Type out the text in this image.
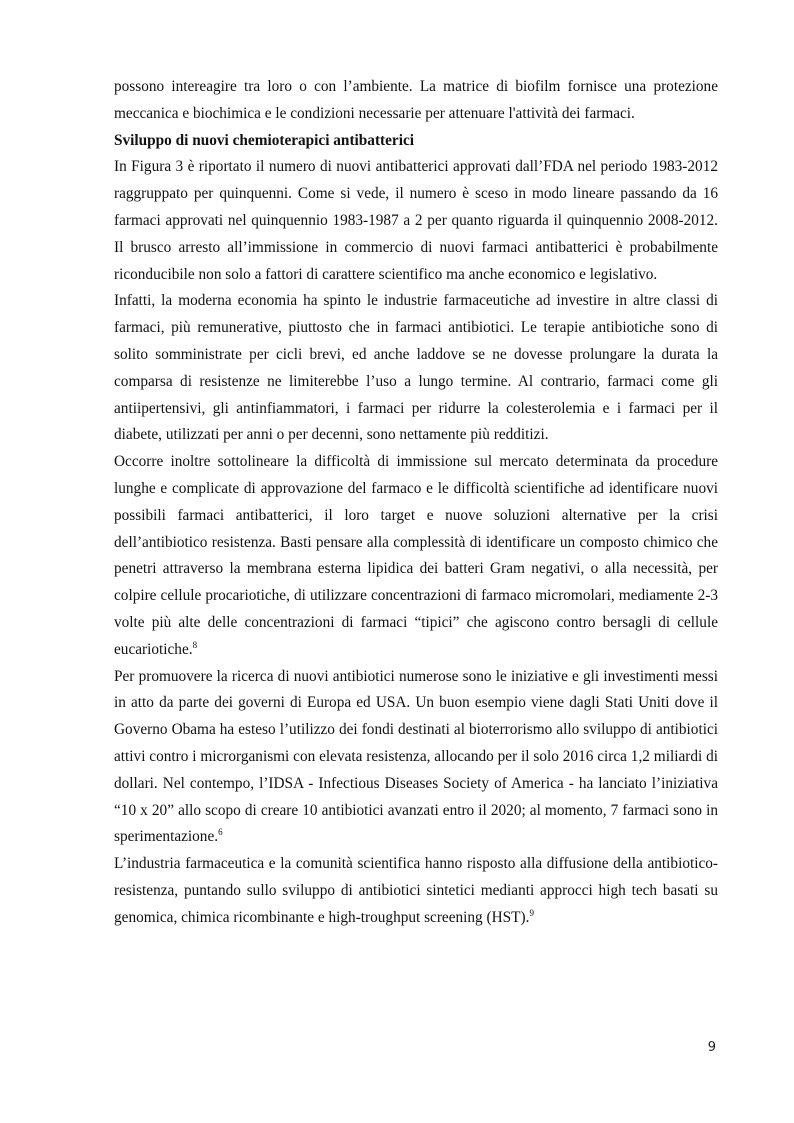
possono intereagire tra loro o con l’ambiente. La matrice di biofilm fornisce una protezione meccanica e biochimica e le condizioni necessarie per attenuare l'attività dei farmaci.

Sviluppo di nuovi chemioterapici antibatterici

In Figura 3 è riportato il numero di nuovi antibatterici approvati dall’FDA nel periodo 1983-2012 raggruppato per quinquenni. Come si vede, il numero è sceso in modo lineare passando da 16 farmaci approvati nel quinquennio 1983-1987 a 2 per quanto riguarda il quinquennio 2008-2012. Il brusco arresto all’immissione in commercio di nuovi farmaci antibatterici è probabilmente riconducibile non solo a fattori di carattere scientifico ma anche economico e legislativo.

Infatti, la moderna economia ha spinto le industrie farmaceutiche ad investire in altre classi di farmaci, più remunerative, piuttosto che in farmaci antibiotici. Le terapie antibiotiche sono di solito somministrate per cicli brevi, ed anche laddove se ne dovesse prolungare la durata la comparsa di resistenze ne limiterebbe l’uso a lungo termine. Al contrario, farmaci come gli antiipertensivi, gli antinfiammatori, i farmaci per ridurre la colesterolemia e i farmaci per il diabete, utilizzati per anni o per decenni, sono nettamente più redditizi.

Occorre inoltre sottolineare la difficoltà di immissione sul mercato determinata da procedure lunghe e complicate di approvazione del farmaco e le difficoltà scientifiche ad identificare nuovi possibili farmaci antibatterici, il loro target e nuove soluzioni alternative per la crisi dell’antibiotico resistenza. Basti pensare alla complessità di identificare un composto chimico che penetri attraverso la membrana esterna lipidica dei batteri Gram negativi, o alla necessità, per colpire cellule procariotiche, di utilizzare concentrazioni di farmaco micromolari, mediamente 2-3 volte più alte delle concentrazioni di farmaci “tipici” che agiscono contro bersagli di cellule eucariotiche.$^8$

Per promuovere la ricerca di nuovi antibiotici numerose sono le iniziative e gli investimenti messi in atto da parte dei governi di Europa ed USA. Un buon esempio viene dagli Stati Uniti dove il Governo Obama ha esteso l’utilizzo dei fondi destinati al bioterrorismo allo sviluppo di antibiotici attivi contro i microrganismi con elevata resistenza, allocando per il solo 2016 circa 1,2 miliardi di dollari. Nel contempo, l’IDSA - Infectious Diseases Society of America - ha lanciato l’iniziativa “10 x 20” allo scopo di creare 10 antibiotici avanzati entro il 2020; al momento, 7 farmaci sono in sperimentazione.$^6$

L’industria farmaceutica e la comunità scientifica hanno risposto alla diffusione della antibiotico-resistenza, puntando sullo sviluppo di antibiotici sintetici medianti approcci high tech basati su genomica, chimica ricombinante e high-troughput screening (HST).$^9$

9
